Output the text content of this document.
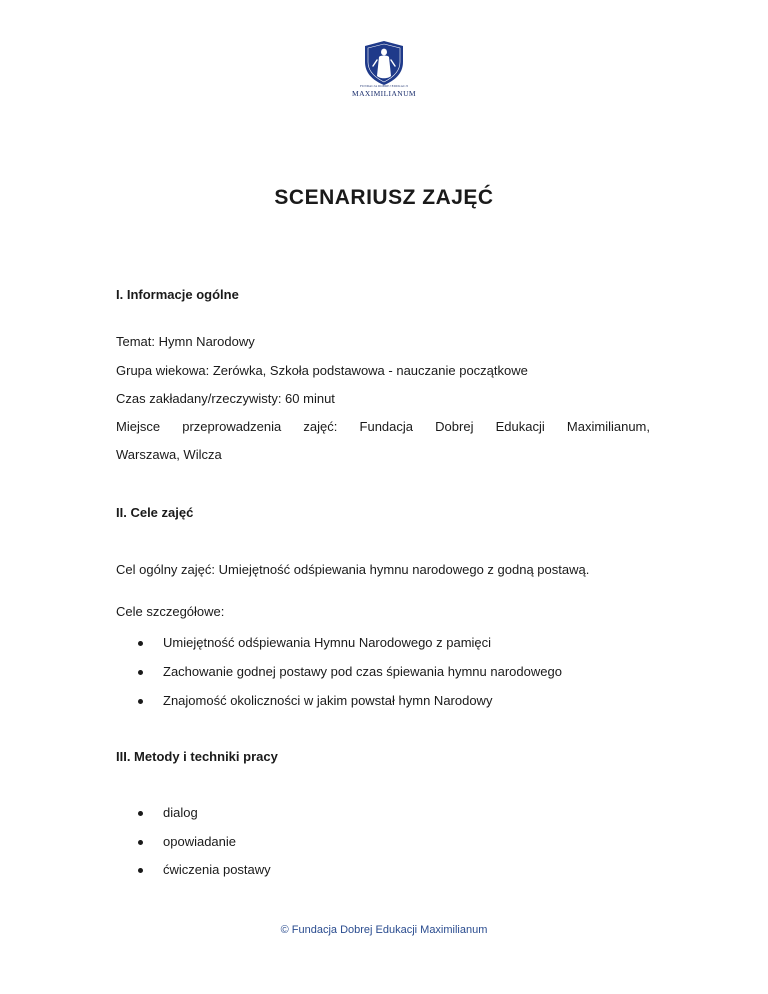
FUNDACJA DOBREJ EDUKACJI
MAXIMILIANUM
SCENARIUSZ ZAJĘĆ
I. Informacje ogólne
Temat: Hymn Narodowy
Grupa wiekowa: Zerówka, Szkoła podstawowa - nauczanie początkowe
Czas zakładany/rzeczywisty: 60 minut
Miejsce przeprowadzenia zajęć: Fundacja Dobrej Edukacji Maximilianum,
Warszawa, Wilcza
II. Cele zajęć
Cel ogólny zajęć: Umiejętność odśpiewania hymnu narodowego z godną postawą.
Cele szczegółowe:
Umiejętność odśpiewania Hymnu Narodowego z pamięci
Zachowanie godnej postawy pod czas śpiewania hymnu narodowego
Znajomość okoliczności w jakim powstał hymn Narodowy
III. Metody i techniki pracy
dialog
opowiadanie
ćwiczenia postawy
© Fundacja Dobrej Edukacji Maximilianum
